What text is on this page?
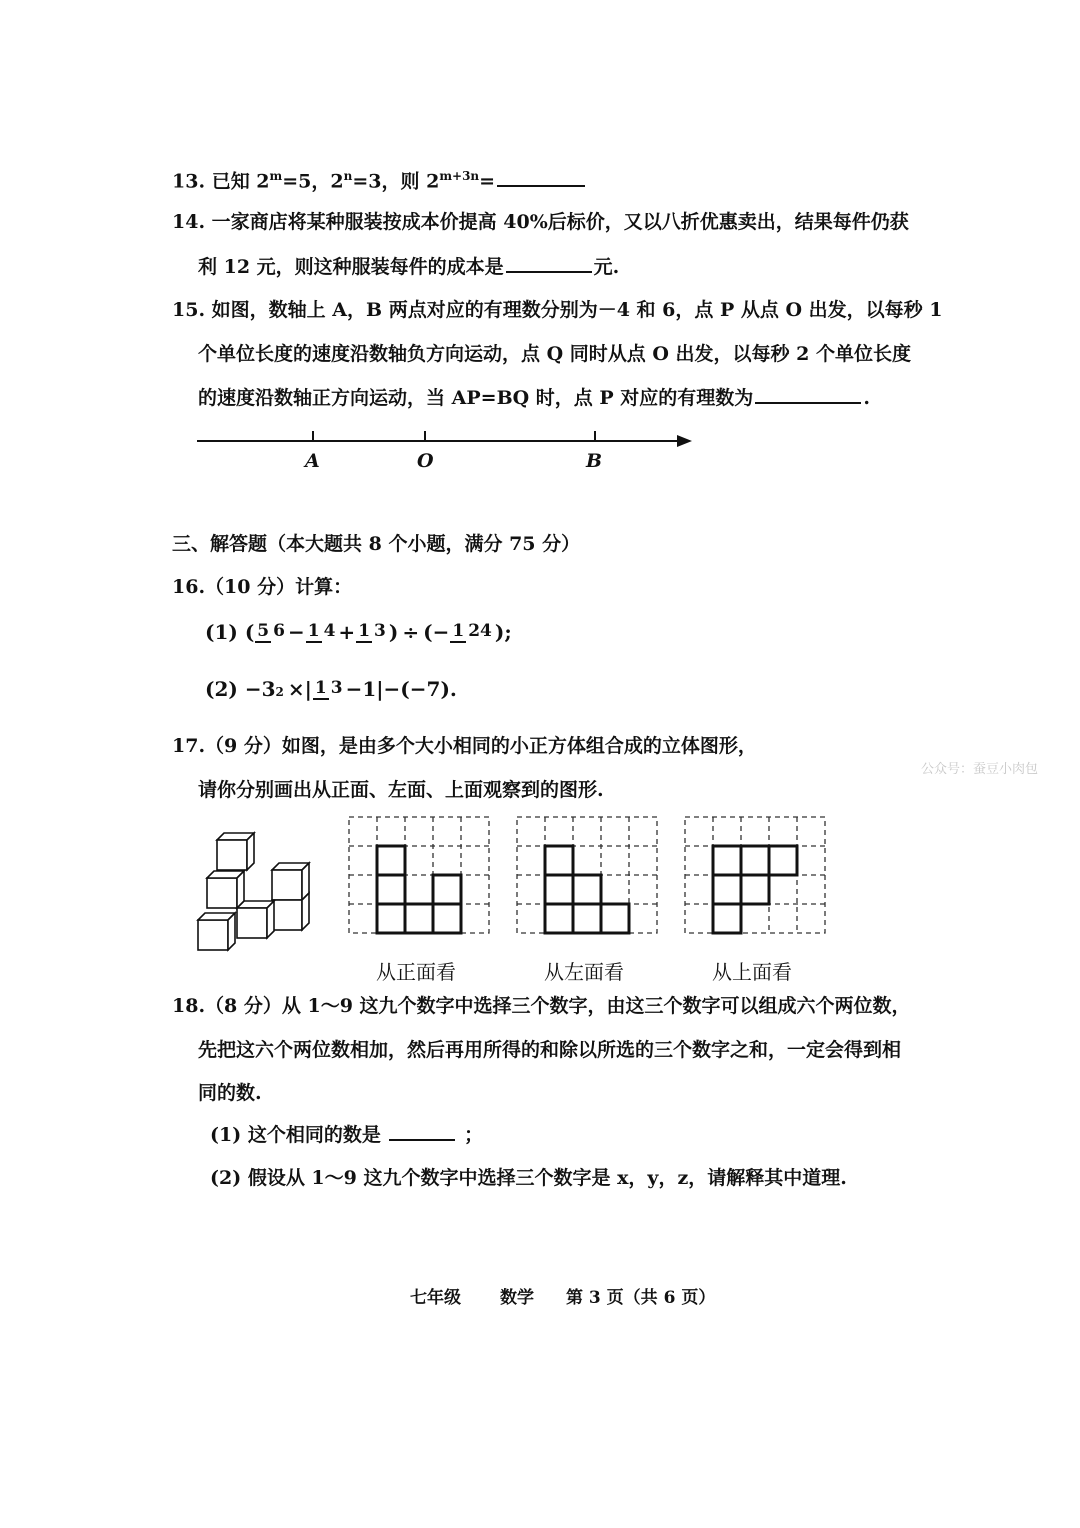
13. 已知 $2^m=5$，$2^n=3$，则 $2^{m+3n}=$
14. 一家商店将某种服装按成本价提高 40%后标价，又以八折优惠卖出，结果每件仍获
利 12 元，则这种服装每件的成本是	元.
15. 如图，数轴上 A，B 两点对应的有理数分别为－4 和 6，点 P 从点 O 出发，以每秒 1
个单位长度的速度沿数轴负方向运动，点 Q 同时从点 O 出发，以每秒 2 个单位长度
的速度沿数轴正方向运动，当 AP=BQ 时，点 P 对应的有理数为	.
A	O	B
三、解答题（本大题共 8 个小题，满分 75 分）
16.（10 分）计算：
(1)
( 5 6 − 1 4 + 1 3 ) ÷ (− 1 24 );
(2)
−3 2 ×| 1 3 −1|−(−7).
17.（9 分）如图，是由多个大小相同的小正方体组合成的立体图形，
请你分别画出从正面、左面、上面观察到的图形.
从正面看	从左面看	从上面看
公众号：蚕豆小肉包
18.（8 分）从 1～9 这九个数字中选择三个数字，由这三个数字可以组成六个两位数，
先把这六个两位数相加，然后再用所得的和除以所选的三个数字之和，一定会得到相
同的数.
(1) 这个相同的数是	；
(2) 假设从 1～9 这九个数字中选择三个数字是 x，y，z，请解释其中道理.
七年级 数学 第 3 页（共 6 页）
